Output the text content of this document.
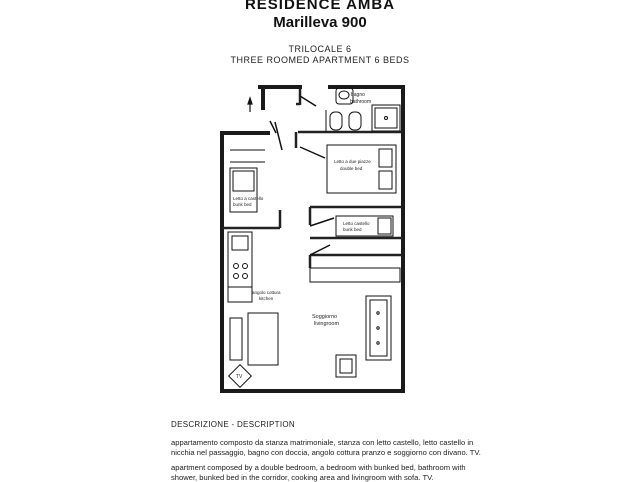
RESIDENCE AMBA
Marilleva 900
TRILOCALE 6
THREE ROOMED APARTMENT 6 BEDS
bagno
bathroom
Letto a due piazze
double bed
Letto a castello
bunk bed
Letto castello
bunk bed
angolo cottura
kitchen
Soggiorno
livingroom
TV
DESCRIZIONE - DESCRIPTION
appartamento composto da stanza matrimoniale, stanza con letto castello, letto castello in nicchia nel passaggio, bagno con doccia, angolo cottura pranzo e soggiorno con divano. TV.
apartment composed by a double bedroom, a bedroom with bunked bed, bathroom with shower, bunked bed in the corridor, cooking area and livingroom with sofa. TV.
